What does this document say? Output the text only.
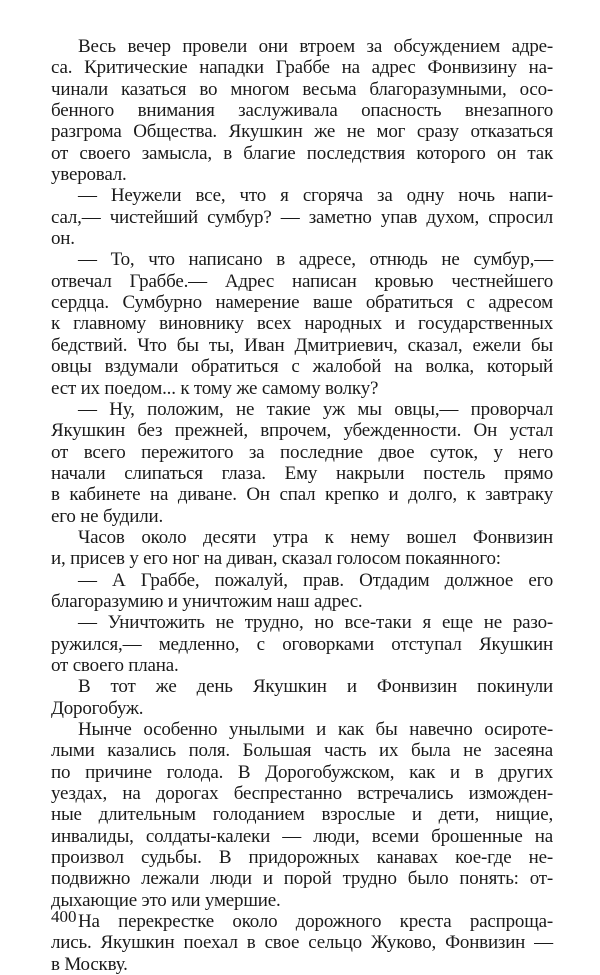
Весь вечер провели они втроем за обсуждением адре-
са. Критические нападки Граббе на адрес Фонвизину на-
чинали казаться во многом весьма благоразумными, осо-
бенного внимания заслуживала опасность внезапного
разгрома Общества. Якушкин же не мог сразу отказаться
от своего замысла, в благие последствия которого он так
уверовал.
— Неужели все, что я сгоряча за одну ночь напи-
сал,— чистейший сумбур? — заметно упав духом, спросил
он.
— То, что написано в адресе, отнюдь не сумбур,—
отвечал Граббе.— Адрес написан кровью честнейшего
сердца. Сумбурно намерение ваше обратиться с адресом
к главному виновнику всех народных и государственных
бедствий. Что бы ты, Иван Дмитриевич, сказал, ежели бы
овцы вздумали обратиться с жалобой на волка, который
ест их поедом... к тому же самому волку?
— Ну, положим, не такие уж мы овцы,— проворчал
Якушкин без прежней, впрочем, убежденности. Он устал
от всего пережитого за последние двое суток, у него
начали слипаться глаза. Ему накрыли постель прямо
в кабинете на диване. Он спал крепко и долго, к завтраку
его не будили.
Часов около десяти утра к нему вошел Фонвизин
и, присев у его ног на диван, сказал голосом покаянного:
— А Граббе, пожалуй, прав. Отдадим должное его
благоразумию и уничтожим наш адрес.
— Уничтожить не трудно, но все-таки я еще не разо-
ружился,— медленно, с оговорками отступал Якушкин
от своего плана.
В тот же день Якушкин и Фонвизин покинули
Дорогобуж.
Нынче особенно унылыми и как бы навечно осироте-
лыми казались поля. Большая часть их была не засеяна
по причине голода. В Дорогобужском, как и в других
уездах, на дорогах беспрестанно встречались изможден-
ные длительным голоданием взрослые и дети, нищие,
инвалиды, солдаты-калеки — люди, всеми брошенные на
произвол судьбы. В придорожных канавах кое-где не-
подвижно лежали люди и порой трудно было понять: от-
дыхающие это или умершие.
На перекрестке около дорожного креста распроща-
лись. Якушкин поехал в свое сельцо Жуково, Фонвизин —
в Москву.
400
